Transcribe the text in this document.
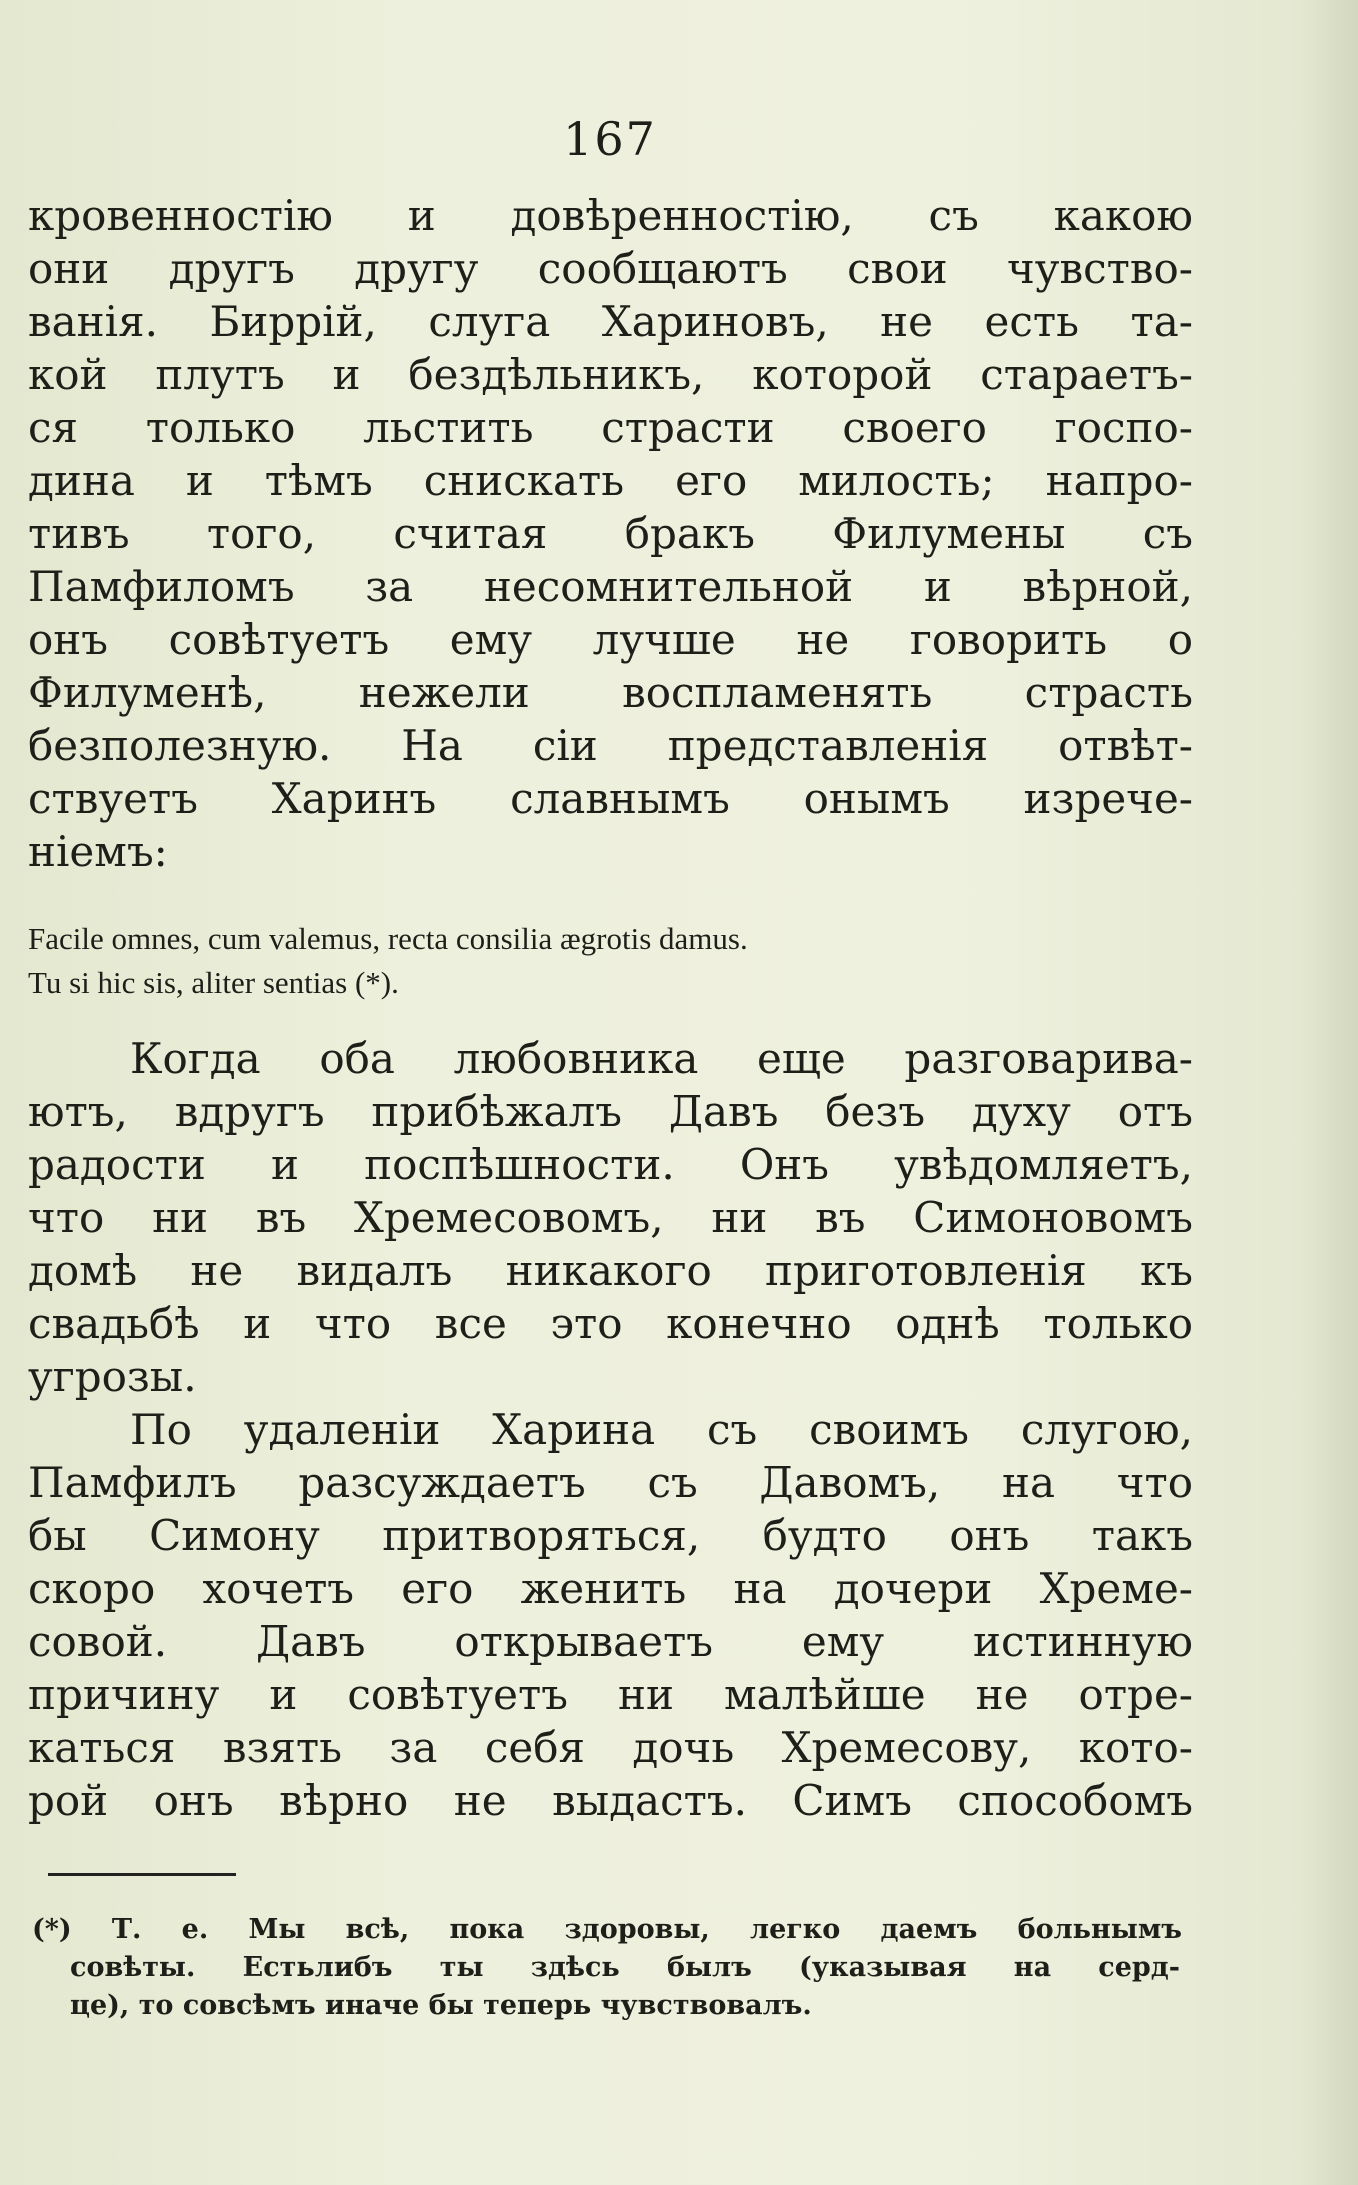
167
кровенностію и довѣренностію, съ какою
они другъ другу сообщаютъ свои чувство-
ванія. Биррій, слуга Хариновъ, не есть та-
кой плутъ и бездѣльникъ, которой стараетъ-
ся только льстить страсти своего госпо-
дина и тѣмъ снискать его милость; напро-
тивъ того, считая бракъ Филумены съ
Памфиломъ за несомнительной и вѣрной,
онъ совѣтуетъ ему лучше не говорить о
Филуменѣ, нежели воспламенять страсть
безполезную. На сіи представленія отвѣт-
ствуетъ Харинъ славнымъ онымъ изрече-
ніемъ:
Facile omnes, cum valemus, recta consilia ægrotis damus.
Tu si hic sis, aliter sentias (*).
Когда оба любовника еще разговарива-
ютъ, вдругъ прибѣжалъ Давъ безъ духу отъ
радости и поспѣшности. Онъ увѣдомляетъ,
что ни въ Хремесовомъ, ни въ Симоновомъ
домѣ не видалъ никакого приготовленія къ
свадьбѣ и что все это конечно однѣ только
угрозы.
По удаленіи Харина съ своимъ слугою,
Памфилъ разсуждаетъ съ Давомъ, на что
бы Симону притворяться, будто онъ такъ
скоро хочетъ его женить на дочери Хреме-
совой. Давъ открываетъ ему истинную
причину и совѣтуетъ ни малѣйше не отре-
каться взять за себя дочь Хремесову, кото-
рой онъ вѣрно не выдастъ. Симъ способомъ
(*) Т. е. Мы всѣ, пока здоровы, легко даемъ больнымъ
совѣты. Естьлибъ ты здѣсь былъ (указывая на серд-
це), то совсѣмъ иначе бы теперь чувствовалъ.
